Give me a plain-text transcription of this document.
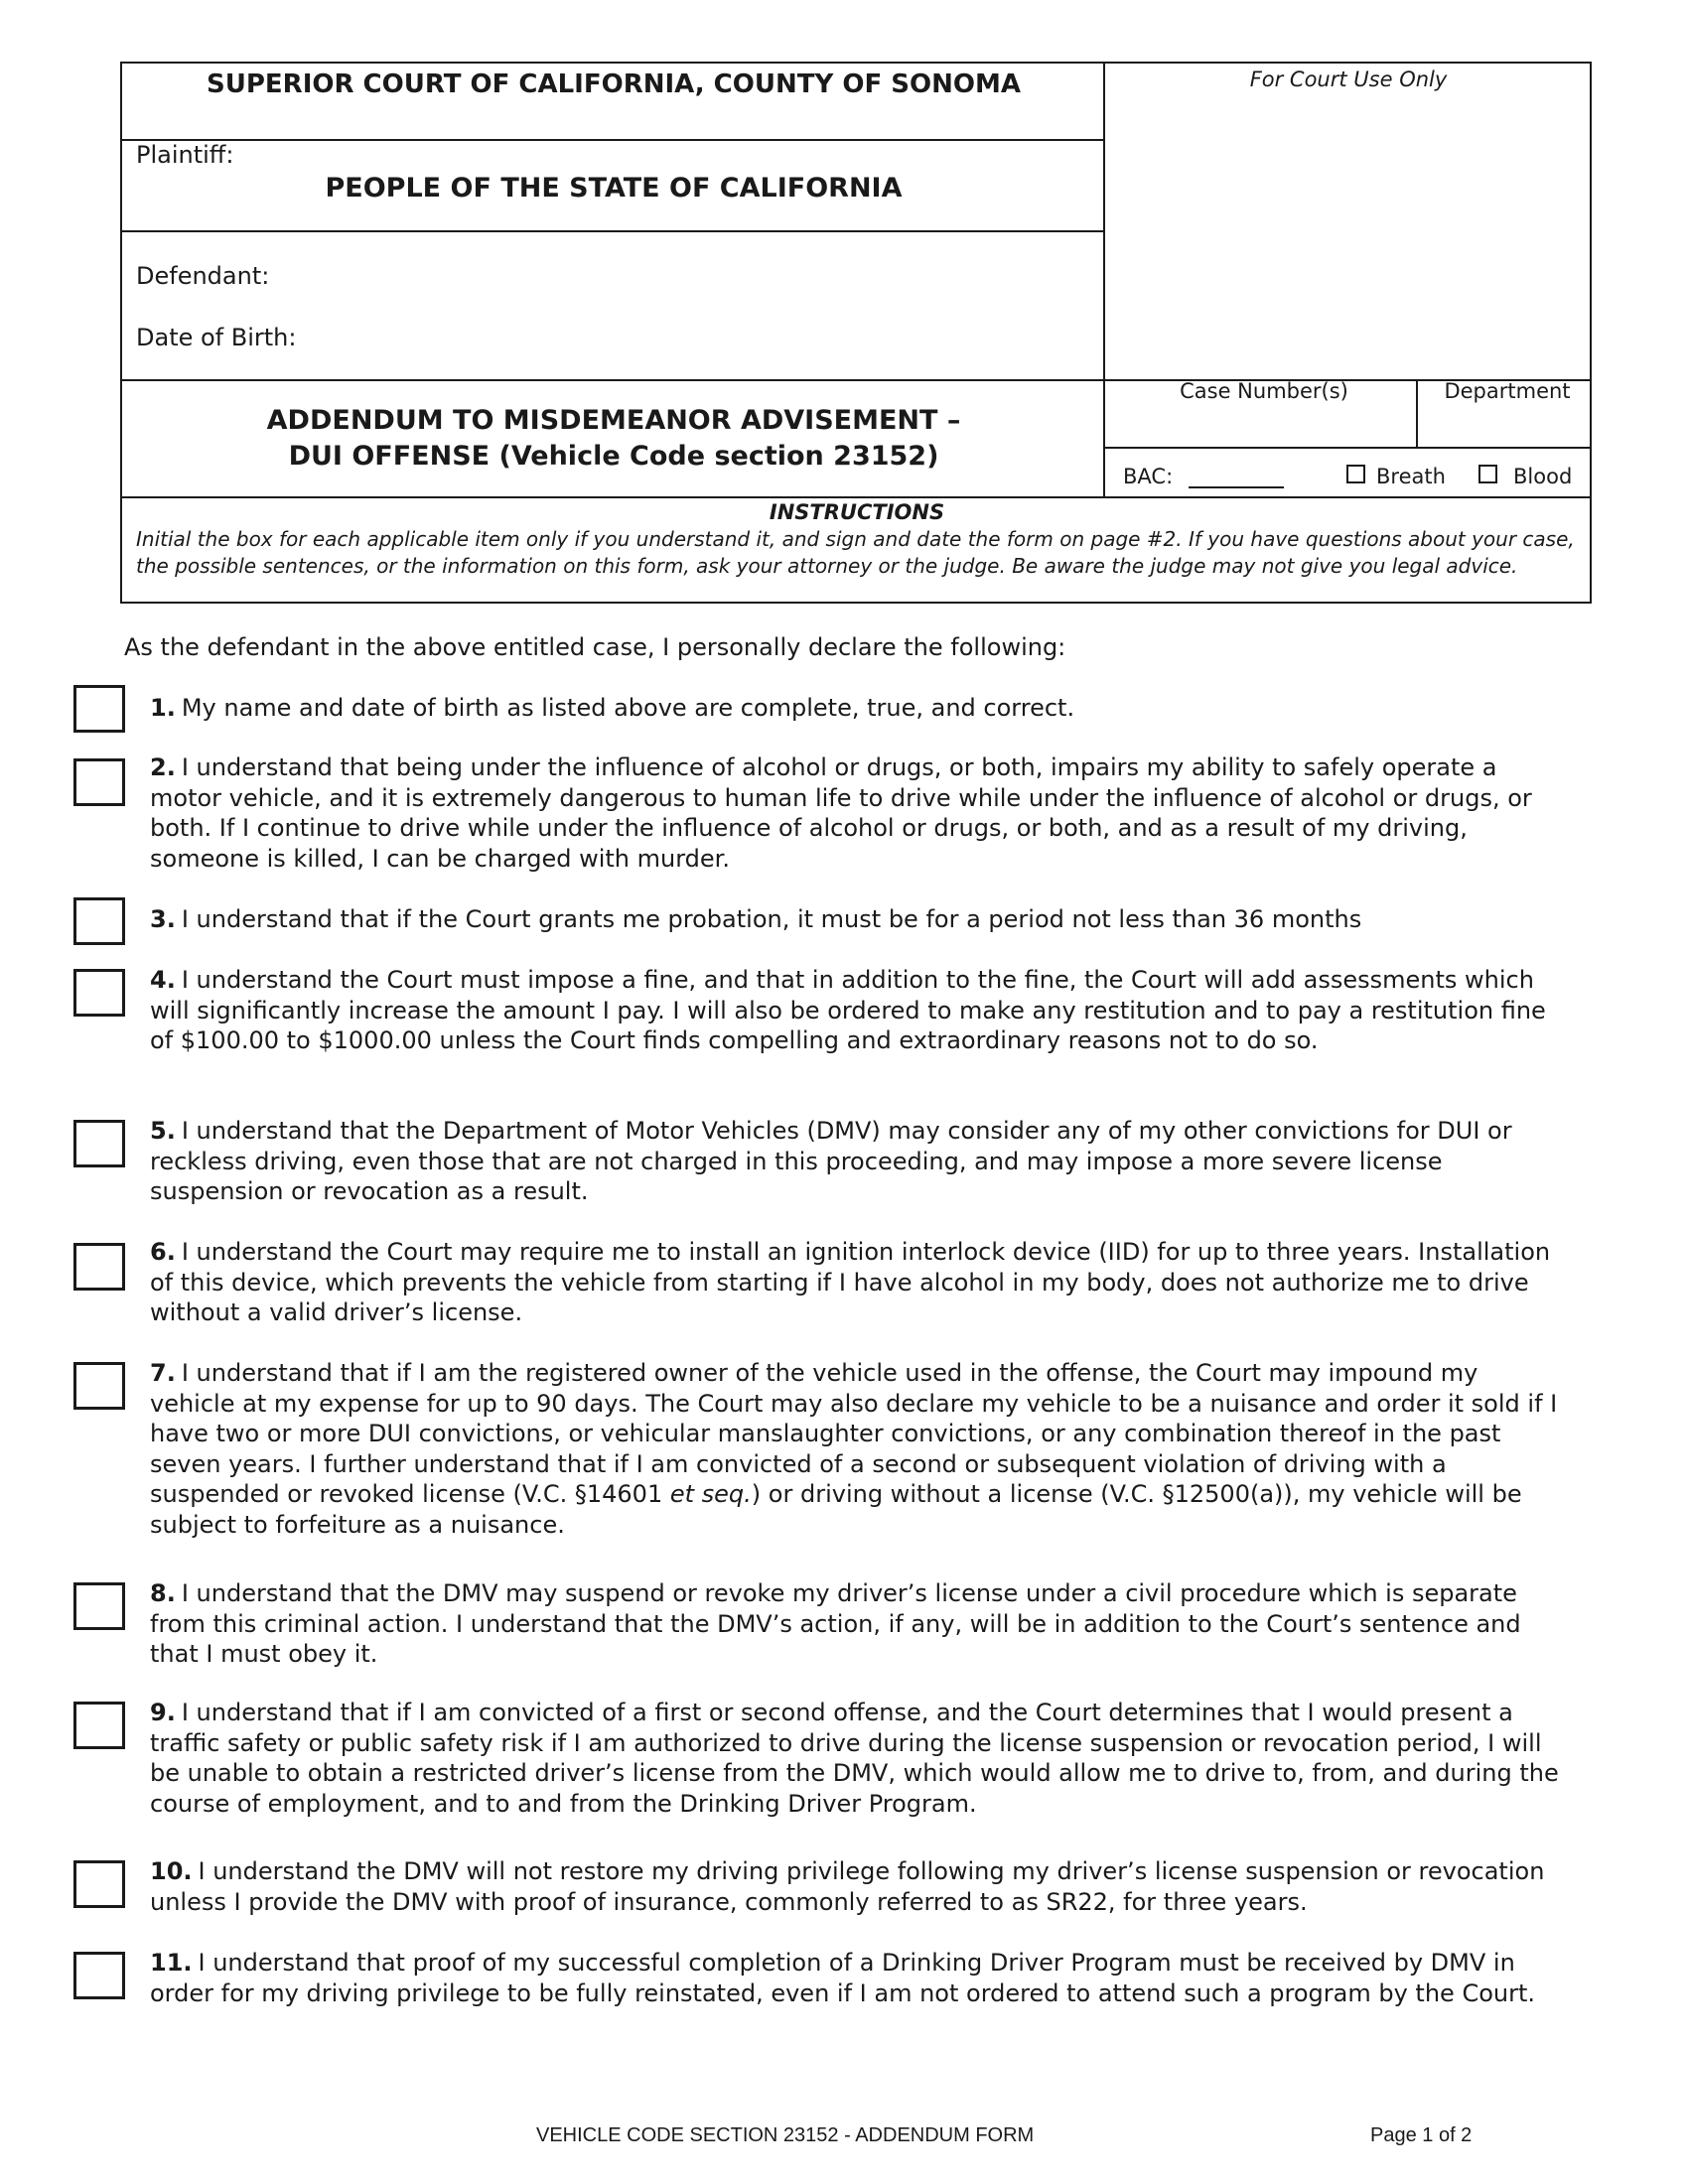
SUPERIOR COURT OF CALIFORNIA, COUNTY OF SONOMA	For Court Use Only
Plaintiff:
PEOPLE OF THE STATE OF CALIFORNIA
Defendant:
Date of Birth:
ADDENDUM TO MISDEMEANOR ADVISEMENT –
DUI OFFENSE (Vehicle Code section 23152)
Case Number(s)	Department
BAC:	Breath	Blood
INSTRUCTIONS
Initial the box for each applicable item only if you understand it, and sign and date the form on page #2. If you have questions about your case, the possible sentences, or the information on this form, ask your attorney or the judge. Be aware the judge may not give you legal advice.
As the defendant in the above entitled case, I personally declare the following:
1. My name and date of birth as listed above are complete, true, and correct.
2. I understand that being under the influence of alcohol or drugs, or both, impairs my ability to safely operate a motor vehicle, and it is extremely dangerous to human life to drive while under the influence of alcohol or drugs, or both. If I continue to drive while under the influence of alcohol or drugs, or both, and as a result of my driving, someone is killed, I can be charged with murder.
3. I understand that if the Court grants me probation, it must be for a period not less than 36 months
4. I understand the Court must impose a fine, and that in addition to the fine, the Court will add assessments which will significantly increase the amount I pay. I will also be ordered to make any restitution and to pay a restitution fine of $100.00 to $1000.00 unless the Court finds compelling and extraordinary reasons not to do so.
5. I understand that the Department of Motor Vehicles (DMV) may consider any of my other convictions for DUI or reckless driving, even those that are not charged in this proceeding, and may impose a more severe license suspension or revocation as a result.
6. I understand the Court may require me to install an ignition interlock device (IID) for up to three years. Installation of this device, which prevents the vehicle from starting if I have alcohol in my body, does not authorize me to drive without a valid driver’s license.
7. I understand that if I am the registered owner of the vehicle used in the offense, the Court may impound my vehicle at my expense for up to 90 days. The Court may also declare my vehicle to be a nuisance and order it sold if I have two or more DUI convictions, or vehicular manslaughter convictions, or any combination thereof in the past seven years. I further understand that if I am convicted of a second or subsequent violation of driving with a suspended or revoked license (V.C. §14601 et seq.) or driving without a license (V.C. §12500(a)), my vehicle will be subject to forfeiture as a nuisance.
8. I understand that the DMV may suspend or revoke my driver’s license under a civil procedure which is separate from this criminal action. I understand that the DMV’s action, if any, will be in addition to the Court’s sentence and that I must obey it.
9. I understand that if I am convicted of a first or second offense, and the Court determines that I would present a traffic safety or public safety risk if I am authorized to drive during the license suspension or revocation period, I will be unable to obtain a restricted driver’s license from the DMV, which would allow me to drive to, from, and during the course of employment, and to and from the Drinking Driver Program.
10. I understand the DMV will not restore my driving privilege following my driver’s license suspension or revocation unless I provide the DMV with proof of insurance, commonly referred to as SR22, for three years.
11. I understand that proof of my successful completion of a Drinking Driver Program must be received by DMV in order for my driving privilege to be fully reinstated, even if I am not ordered to attend such a program by the Court.
VEHICLE CODE SECTION 23152 - ADDENDUM FORM	Page 1 of 2
